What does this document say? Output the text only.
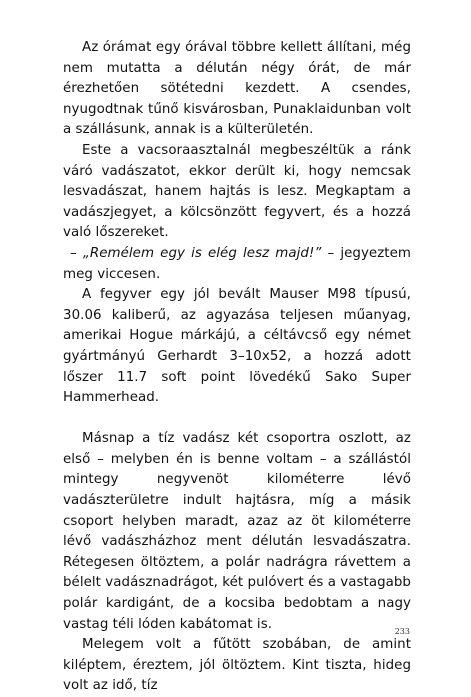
Az órámat egy órával többre kellett állítani, még nem mutatta a délután négy órát, de már érezhetően sötétedni kezdett. A csendes, nyugodtnak tűnő kisvárosban, Punaklaidunban volt a szállásunk, annak is a külterületén.

Este a vacsoraasztalnál megbeszéltük a ránk váró vadászatot, ekkor derült ki, hogy nemcsak lesvadászat, hanem hajtás is lesz. Megkaptam a vadászjegyet, a kölcsönzött fegyvert, és a hozzá való lőszereket.

– „Remélem egy is elég lesz majd!” – jegyeztem meg viccesen.

A fegyver egy jól bevált Mauser M98 típusú, 30.06 kaliberű, az agyazása teljesen műanyag, amerikai Hogue márkájú, a céltávcső egy német gyártmányú Gerhardt 3–10x52, a hozzá adott lőszer 11.7 soft point lövedékű Sako Super Hammerhead.

Másnap a tíz vadász két csoportra oszlott, az első – melyben én is benne voltam – a szállástól mintegy negyvenöt kilométerre lévő vadászterületre indult hajtásra, míg a másik csoport helyben maradt, azaz az öt kilométerre lévő vadászházhoz ment délután lesvadászatra. Rétegesen öltöztem, a polár nadrágra rávettem a bélelt vadásznadrágot, két pulóvert és a vastagabb polár kardigánt, de a kocsiba bedobtam a nagy vastag téli lóden kabátomat is.

Melegem volt a fűtött szobában, de amint kiléptem, éreztem, jól öltöztem. Kint tiszta, hideg volt az idő, tíz

233
